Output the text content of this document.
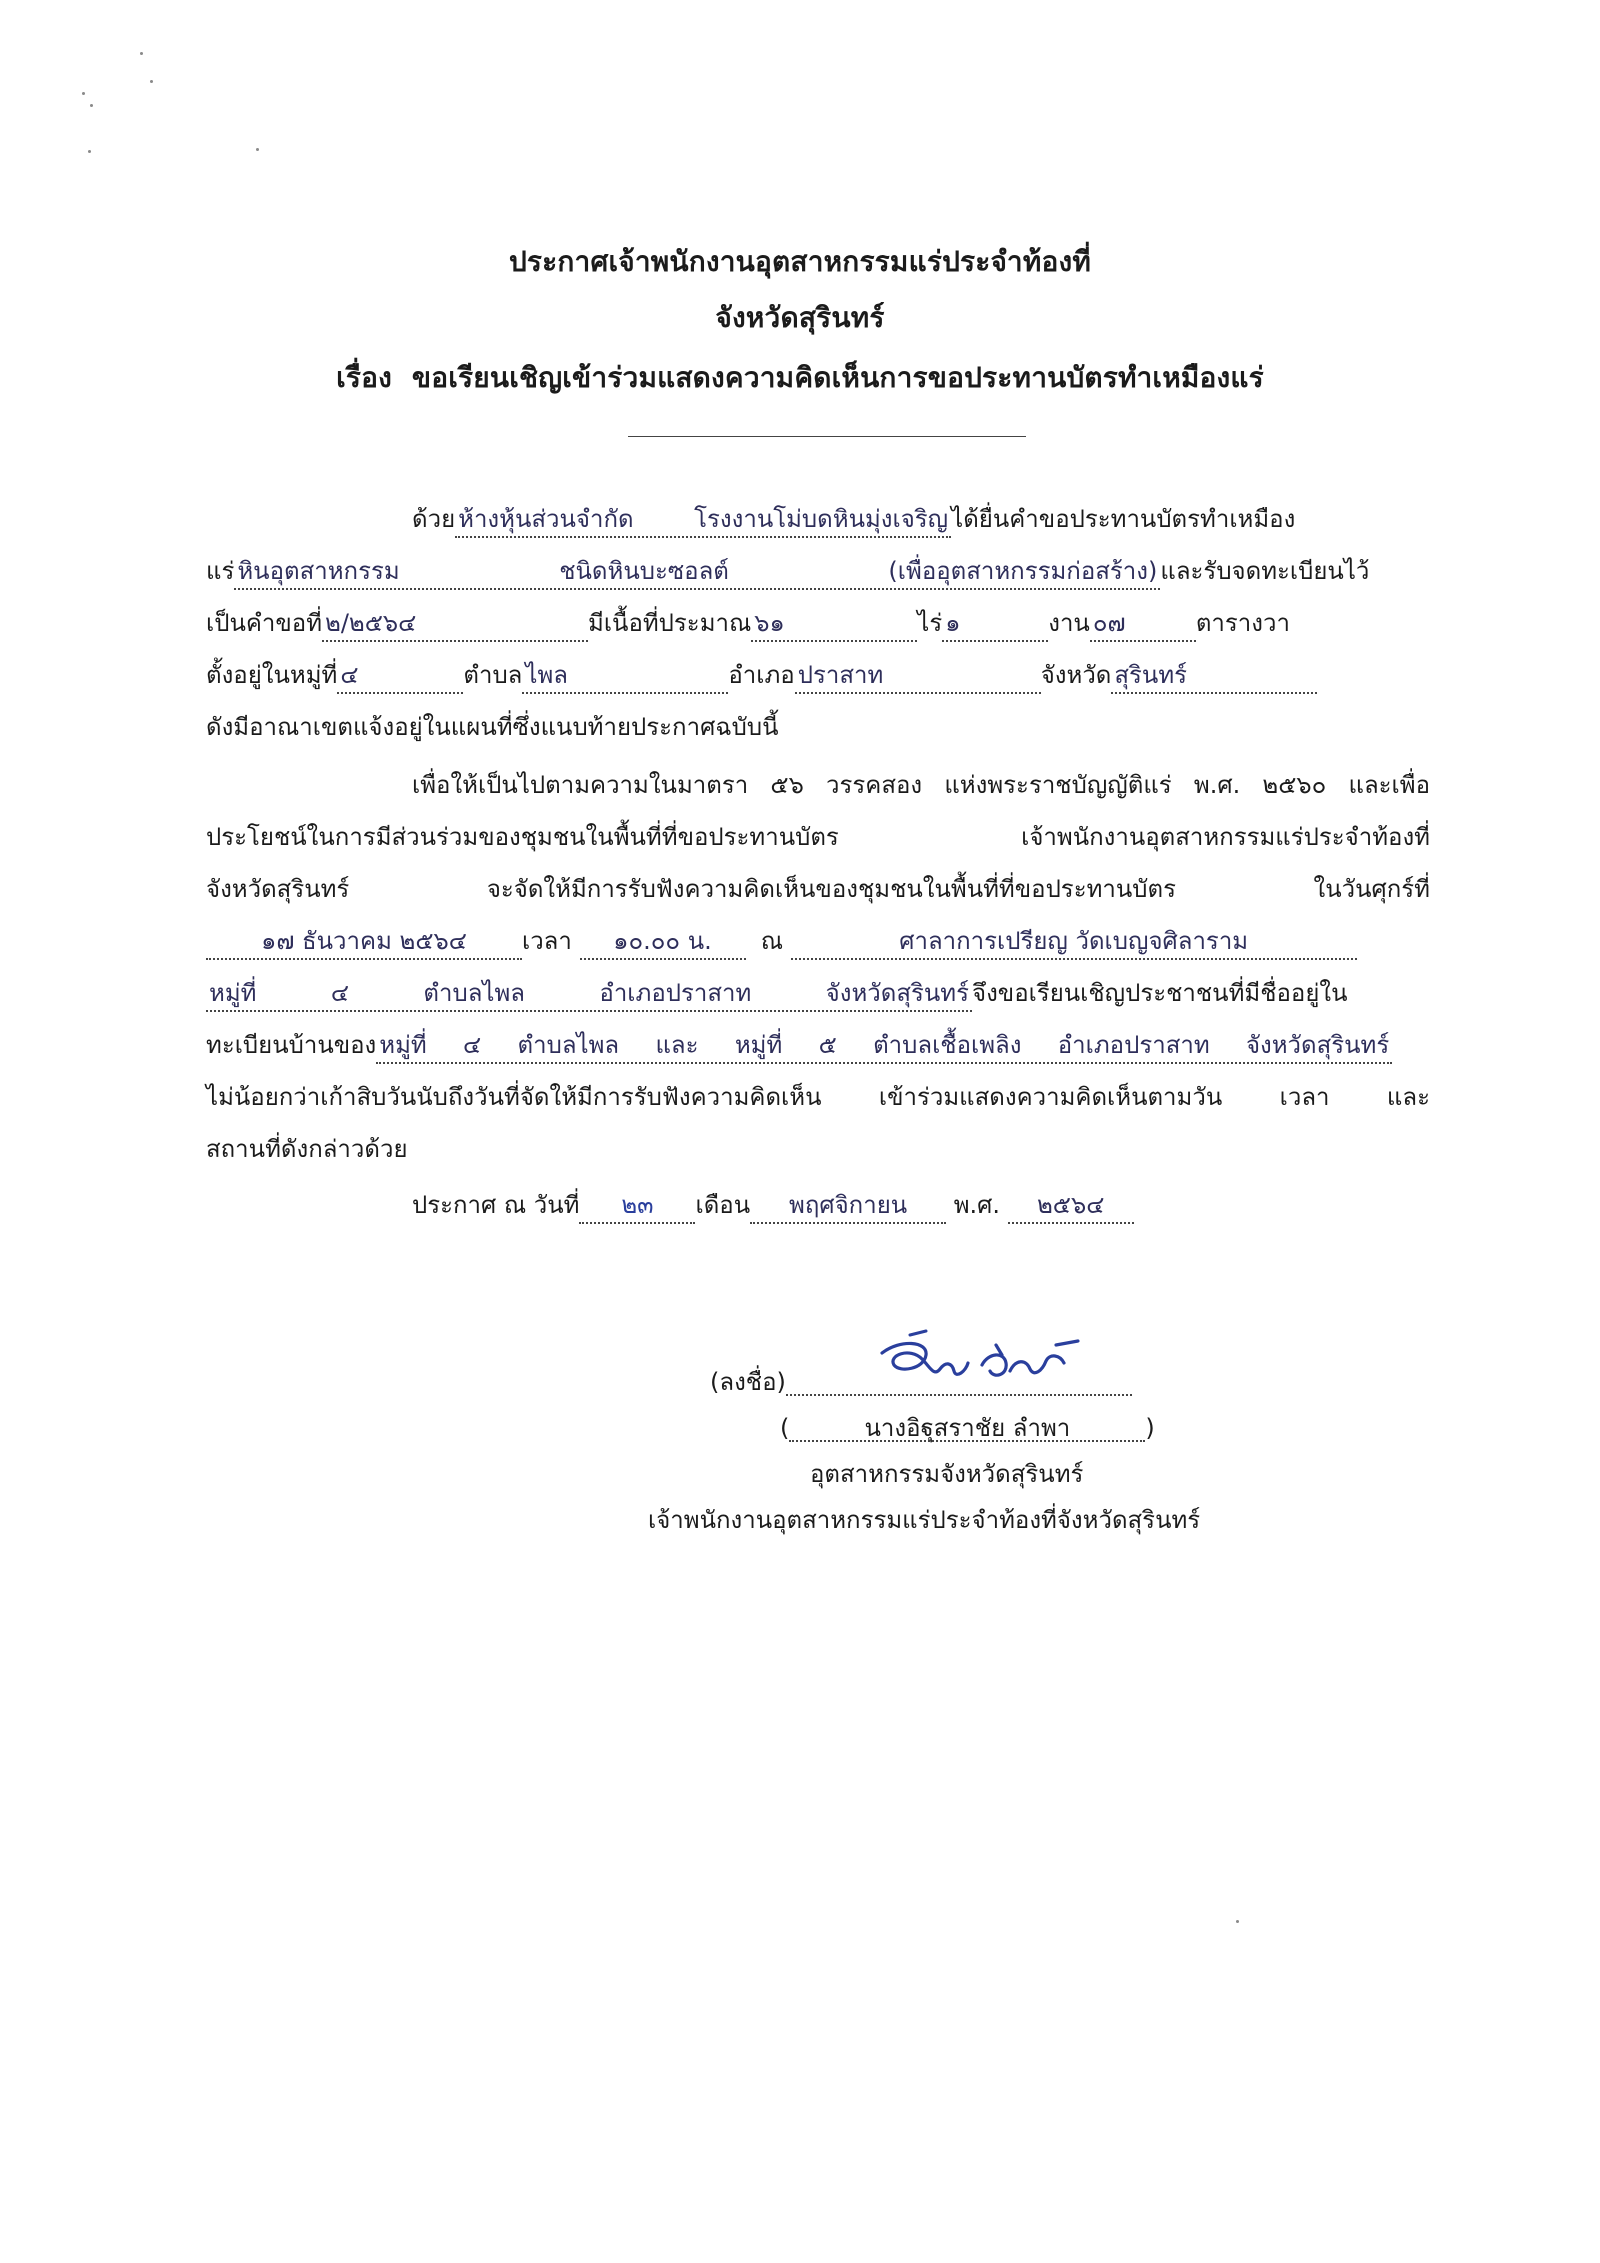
ประกาศเจ้าพนักงานอุตสาหกรรมแร่ประจำท้องที่
จังหวัดสุรินทร์
เรื่อง ขอเรียนเชิญเข้าร่วมแสดงความคิดเห็นการขอประทานบัตรทำเหมืองแร่
ด้วย ห้างหุ้นส่วนจำกัด โรงงานโม่บดหินมุ่งเจริญ ได้ยื่นคำขอประทานบัตรทำเหมือง
แร่ หินอุตสาหกรรม ชนิดหินบะซอลต์ (เพื่ออุตสาหกรรมก่อสร้าง) และรับจดทะเบียนไว้
เป็นคำขอที่ ๒/๒๕๖๔	มีเนื้อที่ประมาณ ๖๑	ไร่ ๑	งาน ๐๗	ตารางวา
ตั้งอยู่ในหมู่ที่ ๔	ตำบล ไพล	อำเภอ ปราสาท	จังหวัด สุรินทร์
ดังมีอาณาเขตแจ้งอยู่ในแผนที่ซึ่งแนบท้ายประกาศฉบับนี้
เพื่อให้เป็นไปตามความในมาตรา ๕๖ วรรคสอง แห่งพระราชบัญญัติแร่ พ.ศ. ๒๕๖๐ และเพื่อ
ประโยชน์ในการมีส่วนร่วมของชุมชนในพื้นที่ที่ขอประทานบัตร เจ้าพนักงานอุตสาหกรรมแร่ประจำท้องที่
จังหวัดสุรินทร์ จะจัดให้มีการรับฟังความคิดเห็นของชุมชนในพื้นที่ที่ขอประทานบัตร ในวันศุกร์ที่
๑๗ ธันวาคม ๒๕๖๔ เวลา ๑๐.๐๐ น. ณ	ศาลาการเปรียญ วัดเบญจศิลาราม
หมู่ที่ ๔ ตำบลไพล อำเภอปราสาท จังหวัดสุรินทร์ จึงขอเรียนเชิญประชาชนที่มีชื่ออยู่ใน
ทะเบียนบ้านของ หมู่ที่ ๔ ตำบลไพล และ หมู่ที่ ๕ ตำบลเชื้อเพลิง อำเภอปราสาท จังหวัดสุรินทร์
ไม่น้อยกว่าเก้าสิบวันนับถึงวันที่จัดให้มีการรับฟังความคิดเห็น เข้าร่วมแสดงความคิดเห็นตามวัน เวลา และ
สถานที่ดังกล่าวด้วย
ประกาศ ณ วันที่ ๒๓ เดือน พฤศจิกายน พ.ศ. ๒๕๖๔
(ลงชื่อ)
(	นางอิฐุสราชัย ลำพา	)
อุตสาหกรรมจังหวัดสุรินทร์
เจ้าพนักงานอุตสาหกรรมแร่ประจำท้องที่จังหวัดสุรินทร์
